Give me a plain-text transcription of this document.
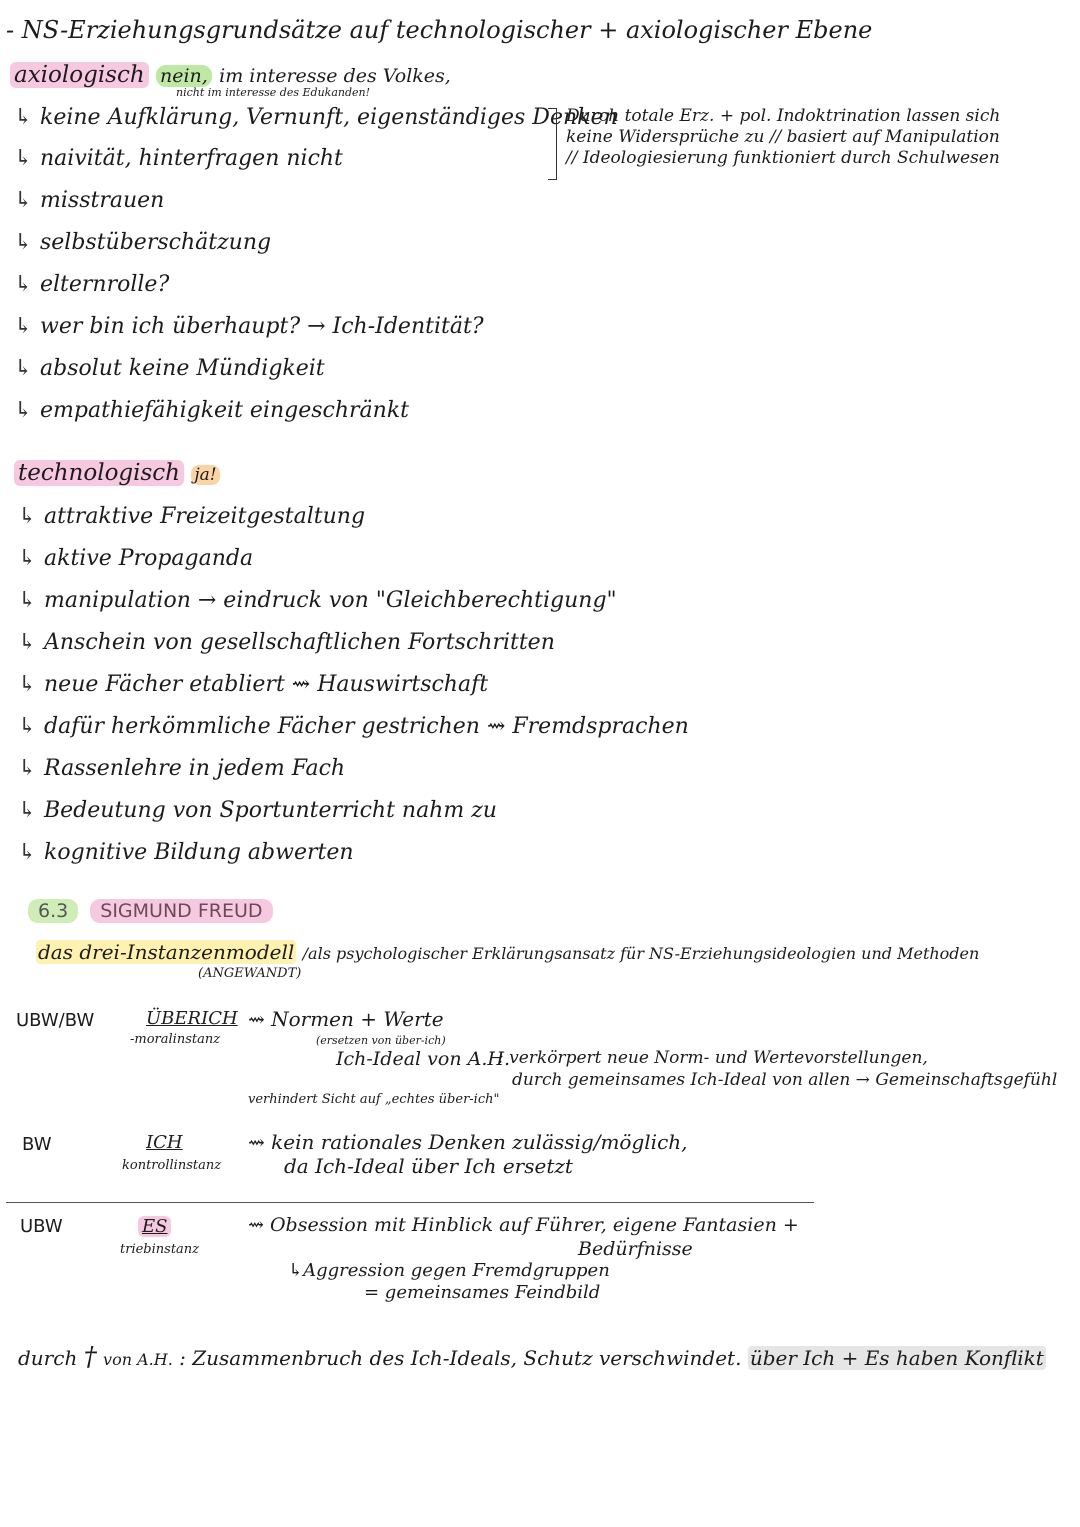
- NS-Erziehungsgrundsätze auf technologischer + axiologischer Ebene
axiologisch nein, im interesse des Volkes,
nicht im interesse des Edukanden!
↳ keine Aufklärung, Vernunft, eigenständiges Denken
↳ naivität, hinterfragen nicht
↳ misstrauen
↳ selbstüberschätzung
↳ elternrolle?
↳ wer bin ich überhaupt? → Ich-Identität?
↳ absolut keine Mündigkeit
↳ empathiefähigkeit eingeschränkt
Durch totale Erz. + pol. Indoktrination lassen sich
keine Widersprüche zu // basiert auf Manipulation
// Ideologiesierung funktioniert durch Schulwesen
technologisch ja!
↳ attraktive Freizeitgestaltung
↳ aktive Propaganda
↳ manipulation → eindruck von "Gleichberechtigung"
↳ Anschein von gesellschaftlichen Fortschritten
↳ neue Fächer etabliert ⇝ Hauswirtschaft
↳ dafür herkömmliche Fächer gestrichen ⇝ Fremdsprachen
↳ Rassenlehre in jedem Fach
↳ Bedeutung von Sportunterricht nahm zu
↳ kognitive Bildung abwerten
6.3 SIGMUND FREUD
das drei-Instanzenmodell /als psychologischer Erklärungsansatz für NS-Erziehungsideologien und Methoden
(ANGEWANDT)
UBW/BW	ÜBERICH
-moralinstanz
⇝ Normen + Werte
(ersetzen von über-ich)
Ich-Ideal von A.H.
: verkörpert neue Norm- und Wertevorstellungen,
durch gemeinsames Ich-Ideal von allen → Gemeinschaftsgefühl
verhindert Sicht auf „echtes über-ich"
BW	ICH
kontrollinstanz
⇝ kein rationales Denken zulässig/möglich,
da Ich-Ideal über Ich ersetzt
UBW	ES
triebinstanz
⇝ Obsession mit Hinblick auf Führer, eigene Fantasien +
Bedürfnisse
↳Aggression gegen Fremdgruppen
= gemeinsames Feindbild
durch † von A.H. : Zusammenbruch des Ich-Ideals, Schutz verschwindet. über Ich + Es haben Konflikt
